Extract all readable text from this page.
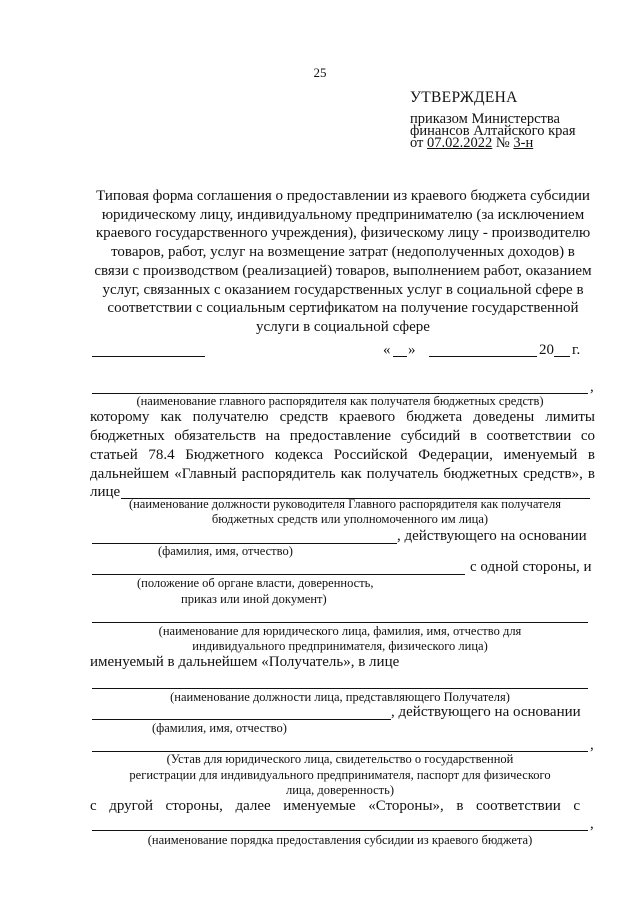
25
УТВЕРЖДЕНА
приказом Министерства
финансов Алтайского края
от 07.02.2022 № 3-н
Типовая форма соглашения о предоставлении из краевого бюджета субсидии
юридическому лицу, индивидуальному предпринимателю (за исключением
краевого государственного учреждения), физическому лицу - производителю
товаров, работ, услуг на возмещение затрат (недополученных доходов) в
связи с производством (реализацией) товаров, выполнением работ, оказанием
услуг, связанных с оказанием государственных услуг в социальной сфере в
соответствии с социальным сертификатом на получение государственной
услуги в социальной сфере
« »	20 г.
,
(наименование главного распорядителя как получателя бюджетных средств)
которому как получателю средств краевого бюджета доведены лимиты
бюджетных обязательств на предоставление субсидий в соответствии со
статьей 78.4 Бюджетного кодекса Российской Федерации, именуемый в
дальнейшем «Главный распорядитель как получатель бюджетных средств», в
лице
(наименование должности руководителя Главного распорядителя как получателя
бюджетных средств или уполномоченного им лица)
, действующего на основании
(фамилия, имя, отчество)
с одной стороны, и
(положение об органе власти, доверенность,
приказ или иной документ)
(наименование для юридического лица, фамилия, имя, отчество для
индивидуального предпринимателя, физического лица)
именуемый в дальнейшем «Получатель», в лице
(наименование должности лица, представляющего Получателя)
, действующего на основании
(фамилия, имя, отчество)
,
(Устав для юридического лица, свидетельство о государственной
регистрации для индивидуального предпринимателя, паспорт для физического
лица, доверенность)
с другой стороны, далее именуемые «Стороны», в соответствии с
,
(наименование порядка предоставления субсидии из краевого бюджета)
